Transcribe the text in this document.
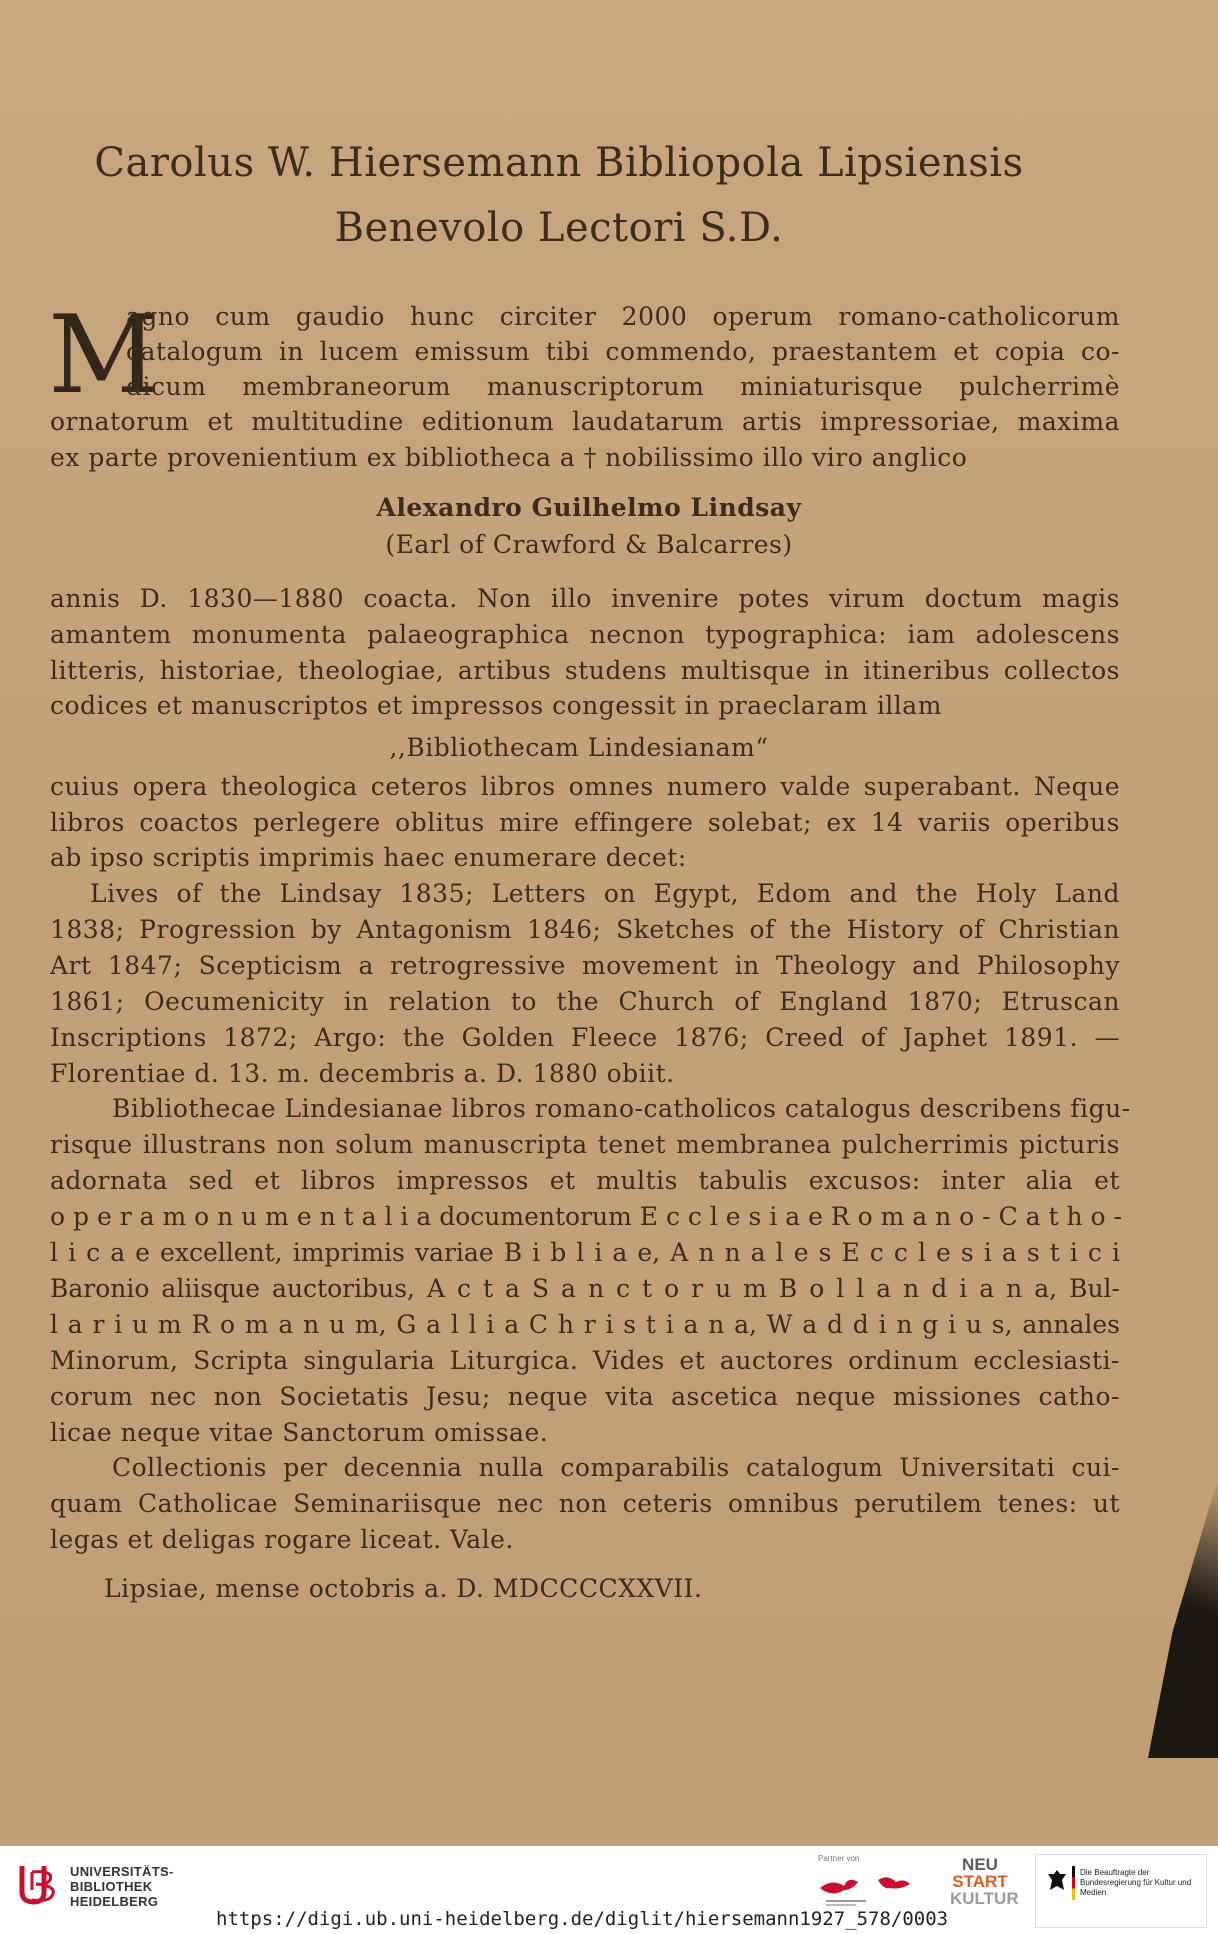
Carolus W. Hiersemann Bibliopola Lipsiensis
Benevolo Lectori S.D.
M
agno cum gaudio hunc circiter 2000 operum romano-catholicorum
catalogum in lucem emissum tibi commendo, praestantem et copia co-
dicum membraneorum manuscriptorum miniaturisque pulcherrimè
ornatorum et multitudine editionum laudatarum artis impressoriae, maxima
ex parte provenientium ex bibliotheca a † nobilissimo illo viro anglico
Alexandro Guilhelmo Lindsay
(Earl of Crawford & Balcarres)
annis D. 1830—1880 coacta. Non illo invenire potes virum doctum magis
amantem monumenta palaeographica necnon typographica: iam adolescens
litteris, historiae, theologiae, artibus studens multisque in itineribus collectos
codices et manuscriptos et impressos congessit in praeclaram illam
,,Bibliothecam Lindesianam“
cuius opera theologica ceteros libros omnes numero valde superabant. Neque
libros coactos perlegere oblitus mire effingere solebat; ex 14 variis operibus
ab ipso scriptis imprimis haec enumerare decet:
Lives of the Lindsay 1835; Letters on Egypt, Edom and the Holy Land
1838; Progression by Antagonism 1846; Sketches of the History of Christian
Art 1847; Scepticism a retrogressive movement in Theology and Philosophy
1861; Oecumenicity in relation to the Church of England 1870; Etruscan
Inscriptions 1872; Argo: the Golden Fleece 1876; Creed of Japhet 1891. —
Florentiae d. 13. m. decembris a. D. 1880 obiit.
Bibliothecae Lindesianae libros romano-catholicos catalogus describens figu-
risque illustrans non solum manuscripta tenet membranea pulcherrimis picturis
adornata sed et libros impressos et multis tabulis excusos: inter alia et
o p e r a m o n u m e n t a l i a documentorum E c c l e s i a e R o m a n o - C a t h o -
l i c a e excellent, imprimis variae B i b l i a e, A n n a l e s E c c l e s i a s t i c i
Baronio aliisque auctoribus, A c t a S a n c t o r u m B o l l a n d i a n a, Bul-
l a r i u m R o m a n u m, G a l l i a C h r i s t i a n a, W a d d i n g i u s, annales
Minorum, Scripta singularia Liturgica. Vides et auctores ordinum ecclesiasti-
corum nec non Societatis Jesu; neque vita ascetica neque missiones catho-
licae neque vitae Sanctorum omissae.
Collectionis per decennia nulla comparabilis catalogum Universitati cui-
quam Catholicae Seminariisque nec non ceteris omnibus perutilem tenes: ut
legas et deligas rogare liceat. Vale.
Lipsiae, mense octobris a. D. MDCCCCXXVII.
UNIVERSITÄTS-
BIBLIOTHEK
HEIDELBERG
https://digi.ub.uni-heidelberg.de/diglit/hiersemann1927_578/0003
Partner von	NEU
START
KULTUR
Die Beauftragte der Bundesregierung für Kultur und Medien
